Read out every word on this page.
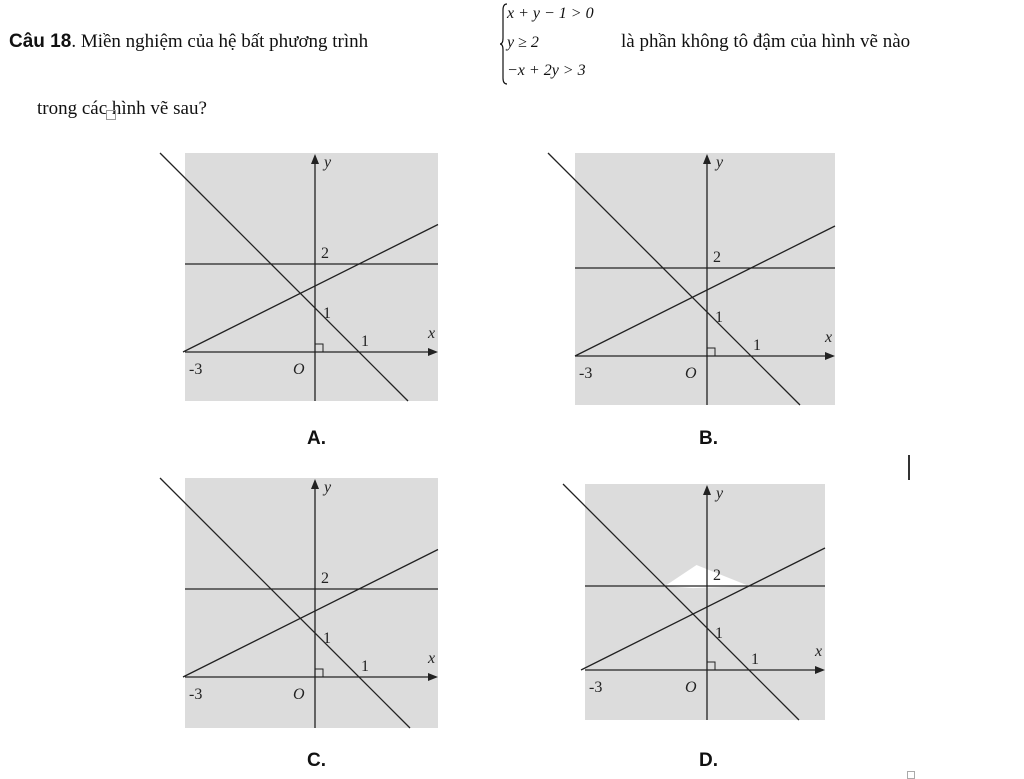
Câu 18. Miền nghiệm của hệ bất phương trình
x + y − 1 > 0
y ≥ 2
−x + 2y > 3
là phần không tô đậm của hình vẽ nào
trong các hình vẽ sau?
y
x
O
-3
2
1
1
y
x
O
-3
2
1
1
y
x
O
-3
2
1
1
y
x
O
-3
2
1
1
A.	B.
C.	D.
